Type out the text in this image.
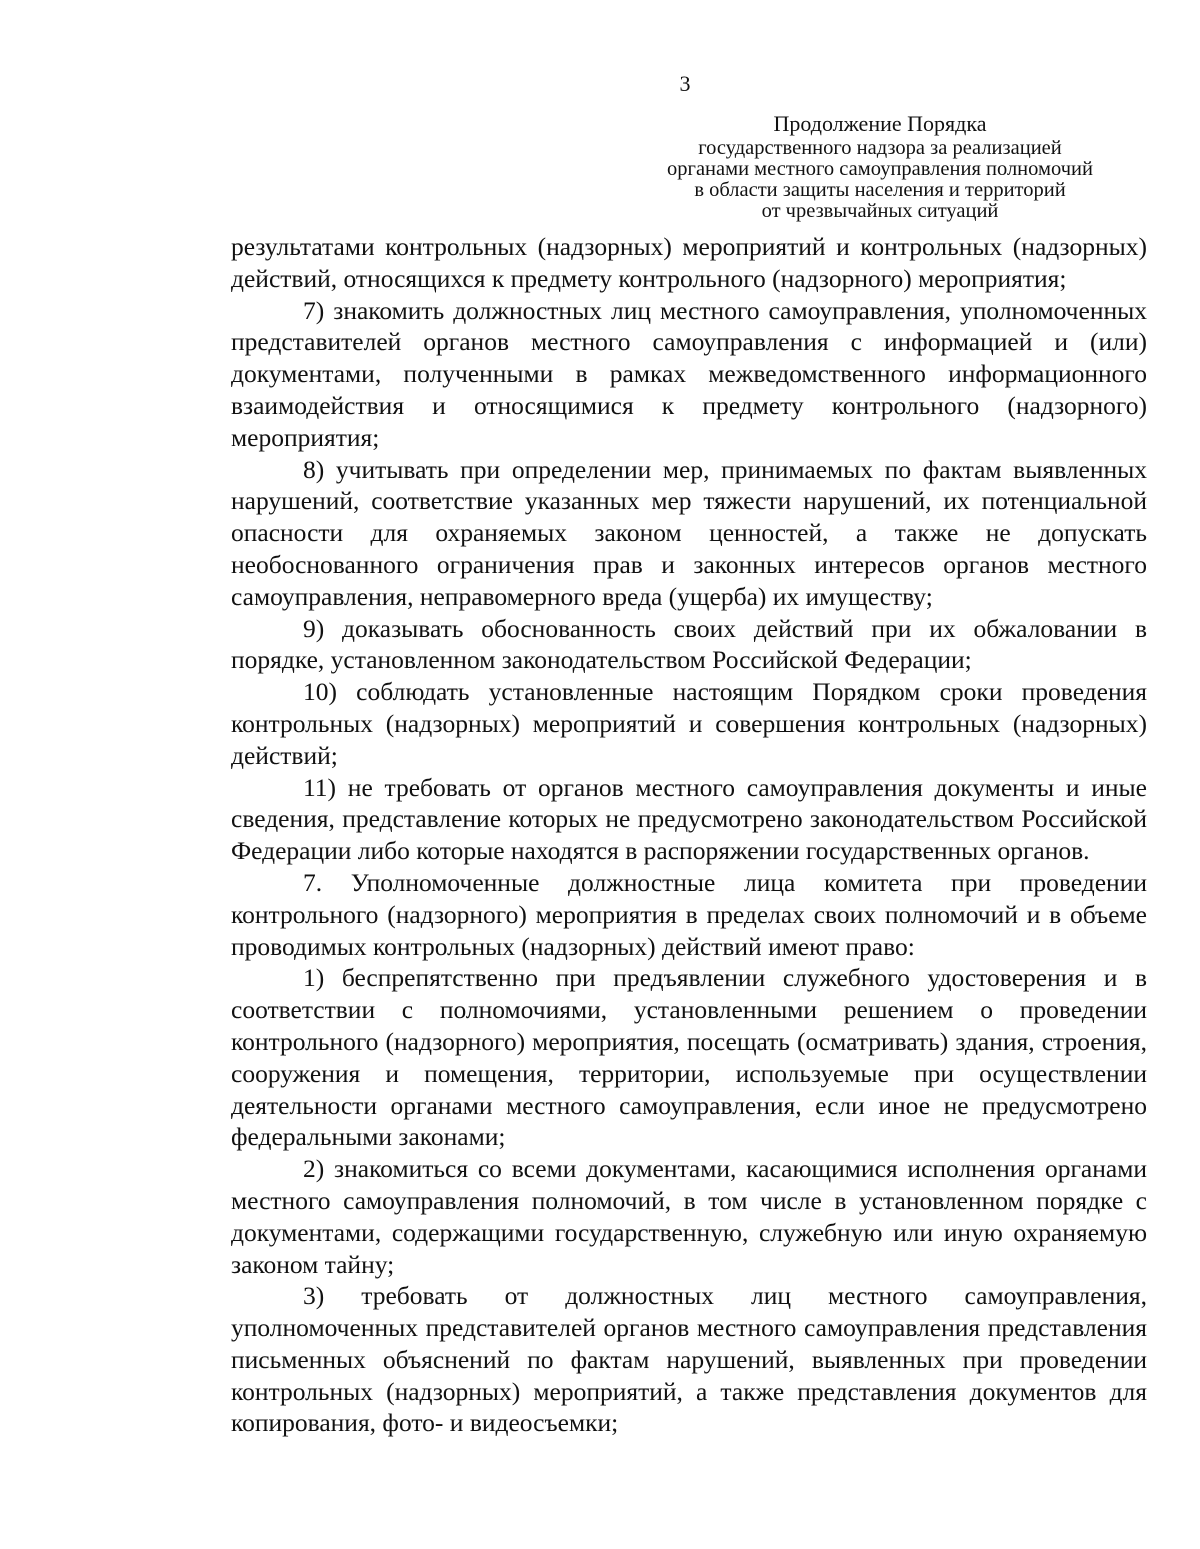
3
Продолжение Порядка
государственного надзора за реализацией
органами местного самоуправления полномочий
в области защиты населения и территорий
от чрезвычайных ситуаций

результатами контрольных (надзорных) мероприятий и контрольных (надзорных) действий, относящихся к предмету контрольного (надзорного) мероприятия;

7) знакомить должностных лиц местного самоуправления, уполномоченных представителей органов местного самоуправления с информацией и (или) документами, полученными в рамках межведомственного информационного взаимодействия и относящимися к предмету контрольного (надзорного) мероприятия;

8) учитывать при определении мер, принимаемых по фактам выявленных нарушений, соответствие указанных мер тяжести нарушений, их потенциальной опасности для охраняемых законом ценностей, а также не допускать необоснованного ограничения прав и законных интересов органов местного самоуправления, неправомерного вреда (ущерба) их имуществу;

9) доказывать обоснованность своих действий при их обжаловании в порядке, установленном законодательством Российской Федерации;

10) соблюдать установленные настоящим Порядком сроки проведения контрольных (надзорных) мероприятий и совершения контрольных (надзорных) действий;

11) не требовать от органов местного самоуправления документы и иные сведения, представление которых не предусмотрено законодательством Российской Федерации либо которые находятся в распоряжении государственных органов.

7. Уполномоченные должностные лица комитета при проведении контрольного (надзорного) мероприятия в пределах своих полномочий и в объеме проводимых контрольных (надзорных) действий имеют право:

1) беспрепятственно при предъявлении служебного удостоверения и в соответствии с полномочиями, установленными решением о проведении контрольного (надзорного) мероприятия, посещать (осматривать) здания, строения, сооружения и помещения, территории, используемые при осуществлении деятельности органами местного самоуправления, если иное не предусмотрено федеральными законами;

2) знакомиться со всеми документами, касающимися исполнения органами местного самоуправления полномочий, в том числе в установленном порядке с документами, содержащими государственную, служебную или иную охраняемую законом тайну;

3) требовать от должностных лиц местного самоуправления, уполномоченных представителей органов местного самоуправления представления письменных объяснений по фактам нарушений, выявленных при проведении контрольных (надзорных) мероприятий, а также представления документов для копирования, фото- и видеосъемки;
